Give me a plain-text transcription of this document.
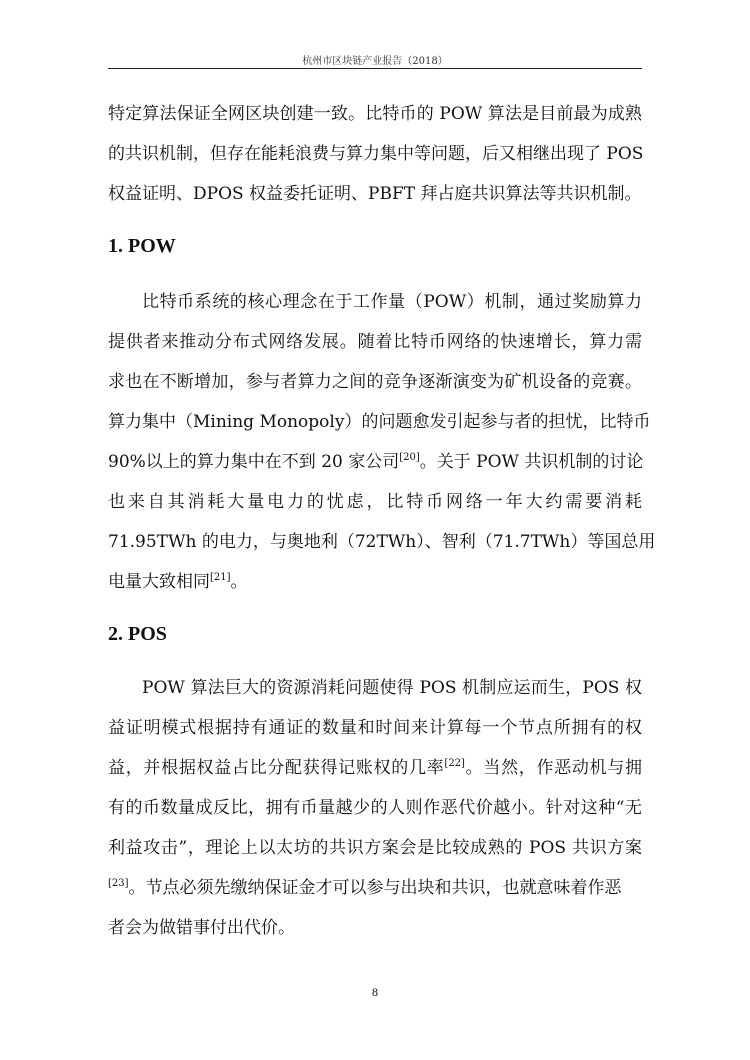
杭州市区块链产业报告（2018）
特定算法保证全网区块创建一致。比特币的 POW 算法是目前最为成熟
的共识机制，但存在能耗浪费与算力集中等问题，后又相继出现了 POS
权益证明、DPOS 权益委托证明、PBFT 拜占庭共识算法等共识机制。
1. POW
比特币系统的核心理念在于工作量（POW）机制，通过奖励算力
提供者来推动分布式网络发展。随着比特币网络的快速增长，算力需
求也在不断增加，参与者算力之间的竞争逐渐演变为矿机设备的竞赛。
算力集中（Mining Monopoly）的问题愈发引起参与者的担忧，比特币
90%以上的算力集中在不到 20 家公司[20]。关于 POW 共识机制的讨论
也来自其消耗大量电力的忧虑，比特币网络一年大约需要消耗
71.95TWh 的电力，与奥地利（72TWh）、智利（71.7TWh）等国总用
电量大致相同[21]。
2. POS
POW 算法巨大的资源消耗问题使得 POS 机制应运而生，POS 权
益证明模式根据持有通证的数量和时间来计算每一个节点所拥有的权
益，并根据权益占比分配获得记账权的几率[22]。当然，作恶动机与拥
有的币数量成反比，拥有币量越少的人则作恶代价越小。针对这种“无
利益攻击”，理论上以太坊的共识方案会是比较成熟的 POS 共识方案
[23]。节点必须先缴纳保证金才可以参与出块和共识，也就意味着作恶
者会为做错事付出代价。
8
